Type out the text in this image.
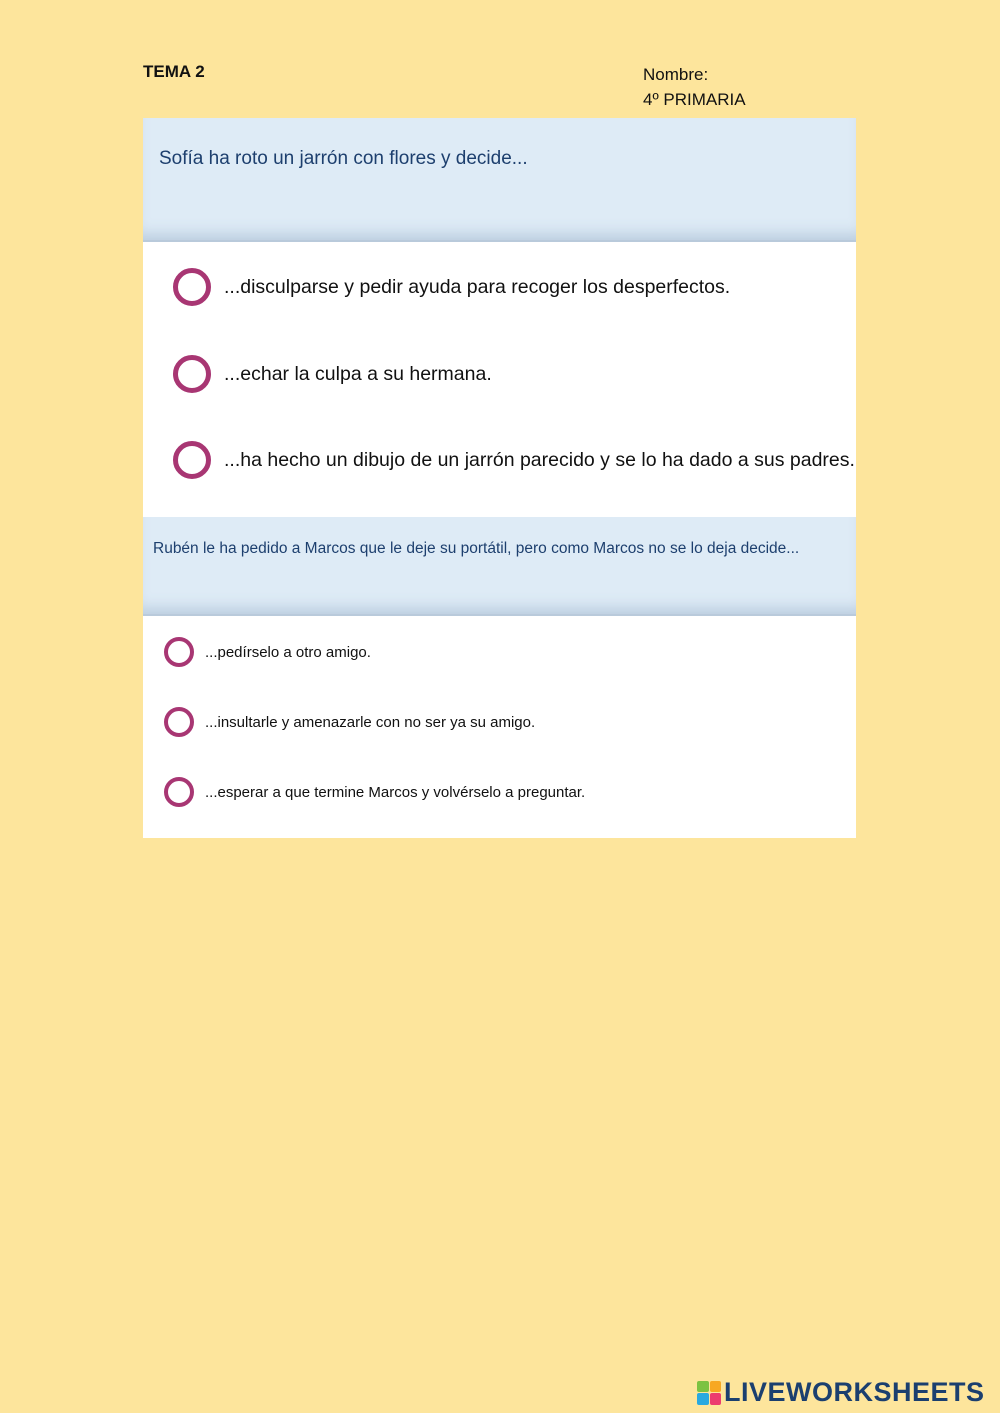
TEMA 2	Nombre:
4º PRIMARIA
Sofía ha roto un jarrón con flores y decide...
...disculparse y pedir ayuda para recoger los desperfectos.
...echar la culpa a su hermana.
...ha hecho un dibujo de un jarrón parecido y se lo ha dado a sus padres.
Rubén le ha pedido a Marcos que le deje su portátil, pero como Marcos no se lo deja decide...
...pedírselo a otro amigo.
...insultarle y amenazarle con no ser ya su amigo.
...esperar a que termine Marcos y volvérselo a preguntar.
LIVEWORKSHEETS
